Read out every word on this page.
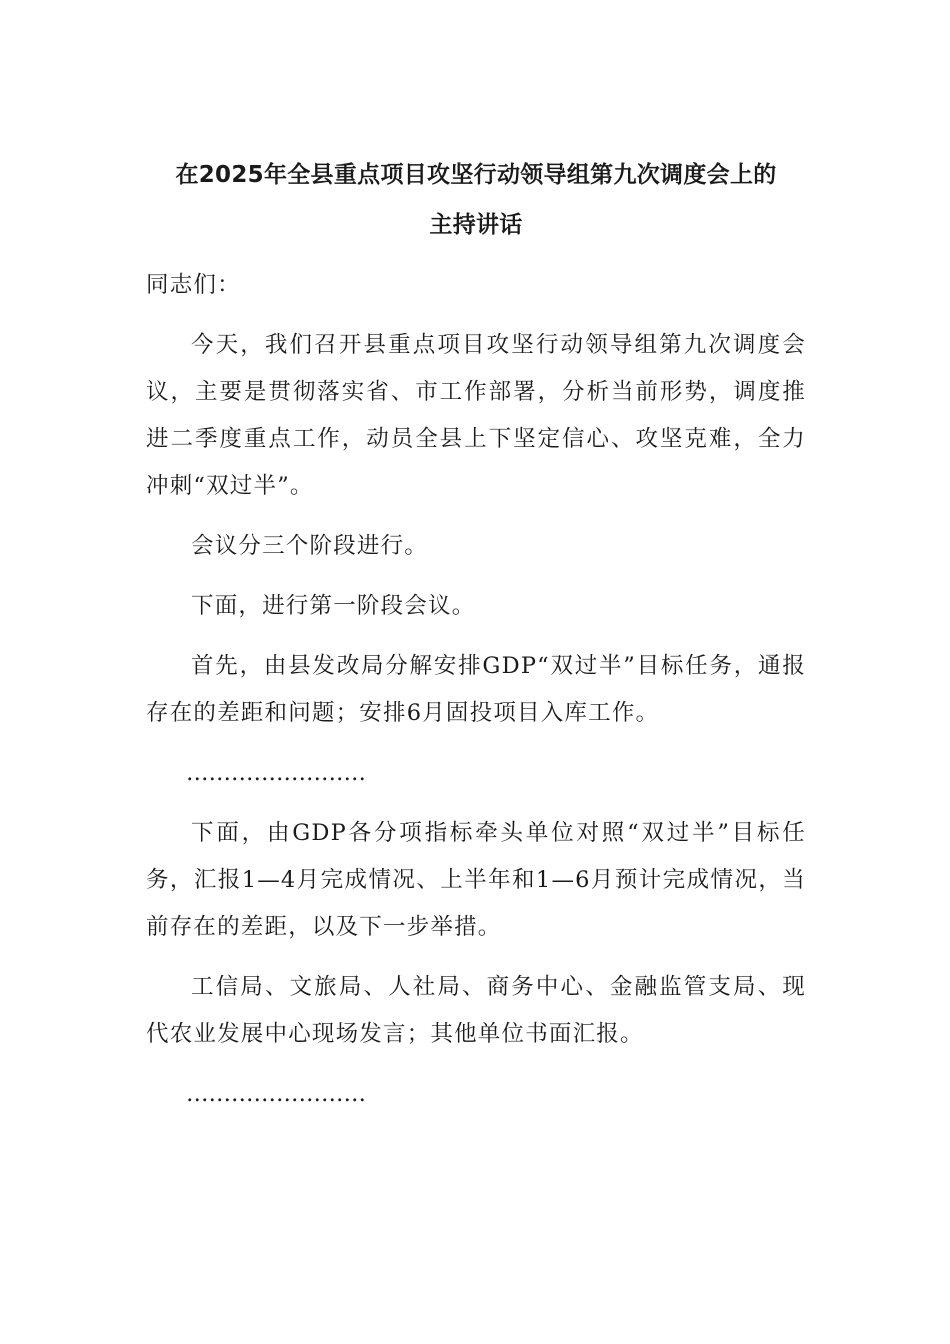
在2025年全县重点项目攻坚行动领导组第九次调度会上的
主持讲话

同志们：

今天，我们召开县重点项目攻坚行动领导组第九次调度会议，主要是贯彻落实省、市工作部署，分析当前形势，调度推进二季度重点工作，动员全县上下坚定信心、攻坚克难，全力冲刺“双过半”。

会议分三个阶段进行。

下面，进行第一阶段会议。

首先，由县发改局分解安排GDP“双过半”目标任务，通报存在的差距和问题；安排6月固投项目入库工作。

……………………

下面，由GDP各分项指标牵头单位对照“双过半”目标任务，汇报1—4月完成情况、上半年和1—6月预计完成情况，当前存在的差距，以及下一步举措。

工信局、文旅局、人社局、商务中心、金融监管支局、现代农业发展中心现场发言；其他单位书面汇报。

……………………
